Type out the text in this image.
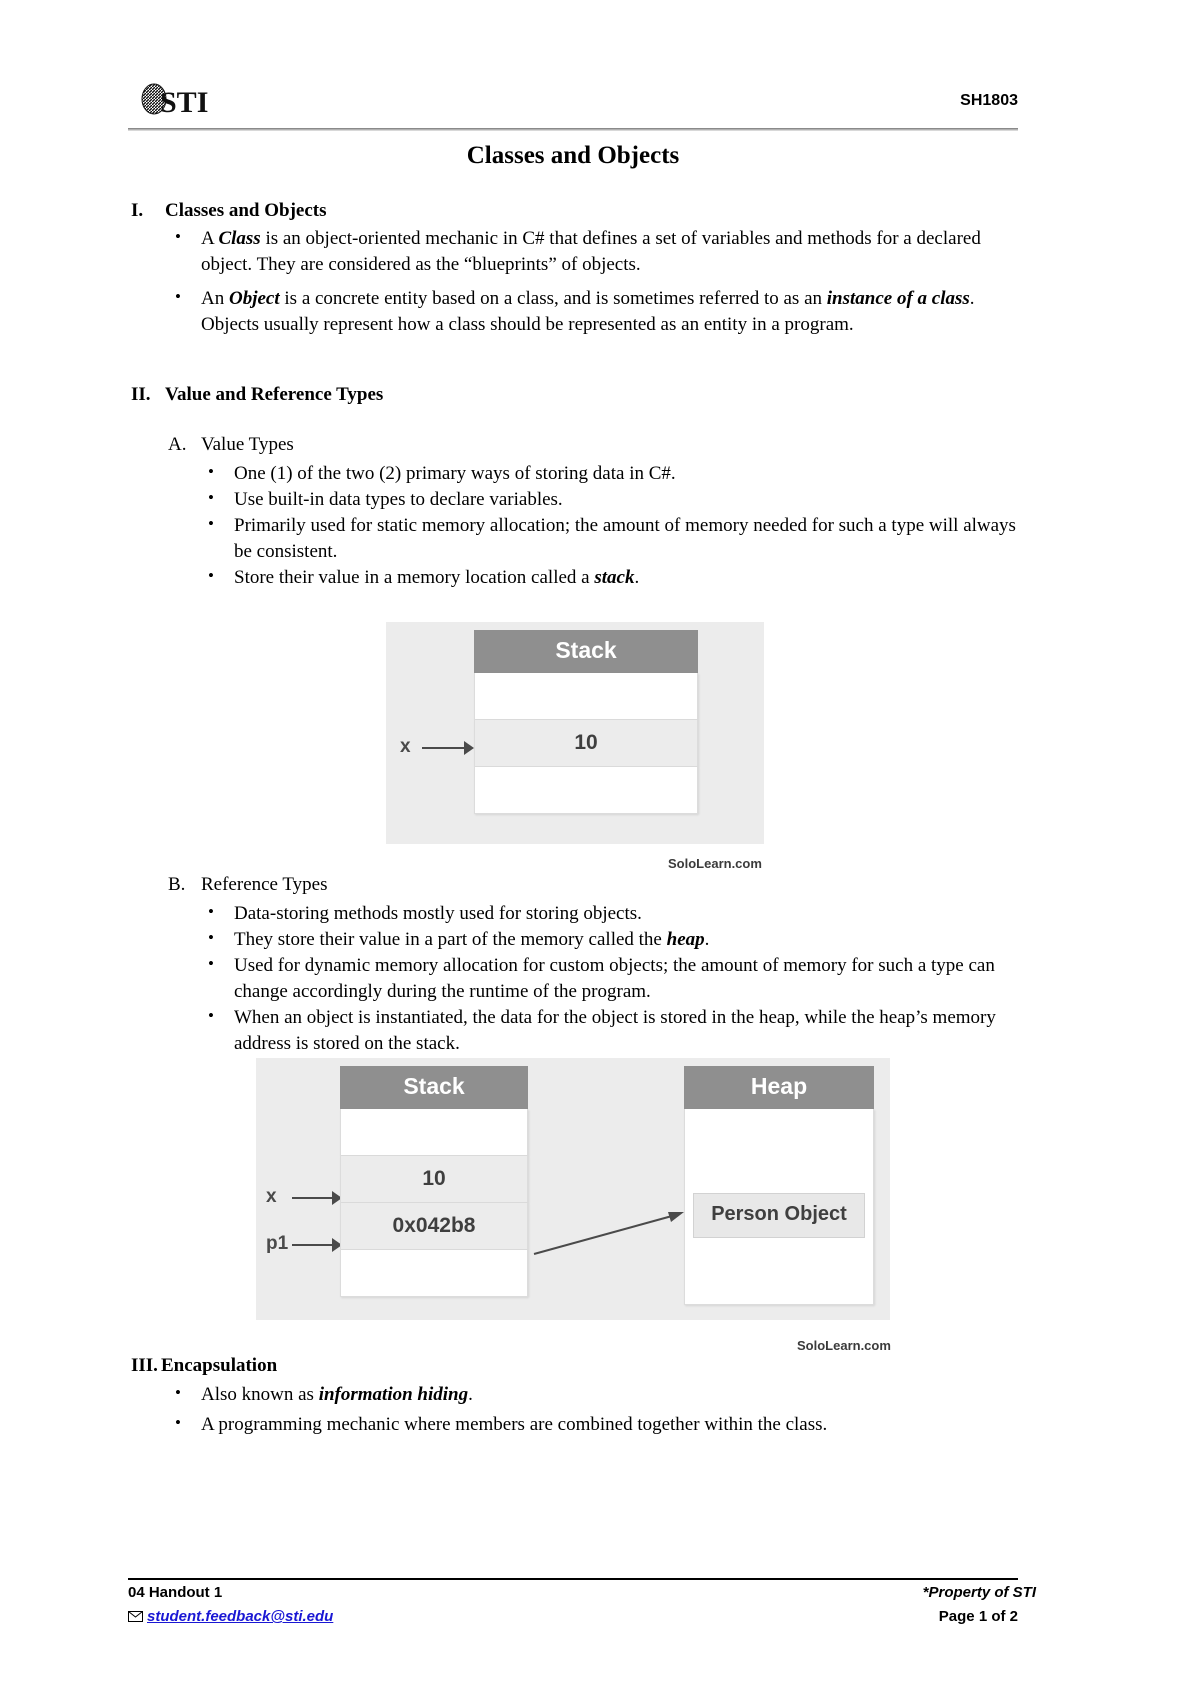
STI	SH1803
Classes and Objects
I. Classes and Objects
• A Class is an object-oriented mechanic in C# that defines a set of variables and methods for a declared object. They are considered as the “blueprints” of objects.
• An Object is a concrete entity based on a class, and is sometimes referred to as an instance of a class. Objects usually represent how a class should be represented as an entity in a program.
II. Value and Reference Types
A. Value Types
• One (1) of the two (2) primary ways of storing data in C#.
• Use built-in data types to declare variables.
• Primarily used for static memory allocation; the amount of memory needed for such a type will always be consistent.
• Store their value in a memory location called a stack.
x
Stack
10
SoloLearn.com
B. Reference Types
• Data-storing methods mostly used for storing objects.
• They store their value in a part of the memory called the heap.
• Used for dynamic memory allocation for custom objects; the amount of memory for such a type can change accordingly during the runtime of the program.
• When an object is instantiated, the data for the object is stored in the heap, while the heap’s memory address is stored on the stack.
x
p1
Stack
10
0x042b8
Heap
Person Object
SoloLearn.com
III. Encapsulation
• Also known as information hiding.
• A programming mechanic where members are combined together within the class.
04 Handout 1	*Property of STI
student.feedback@sti.edu	Page 1 of 2
